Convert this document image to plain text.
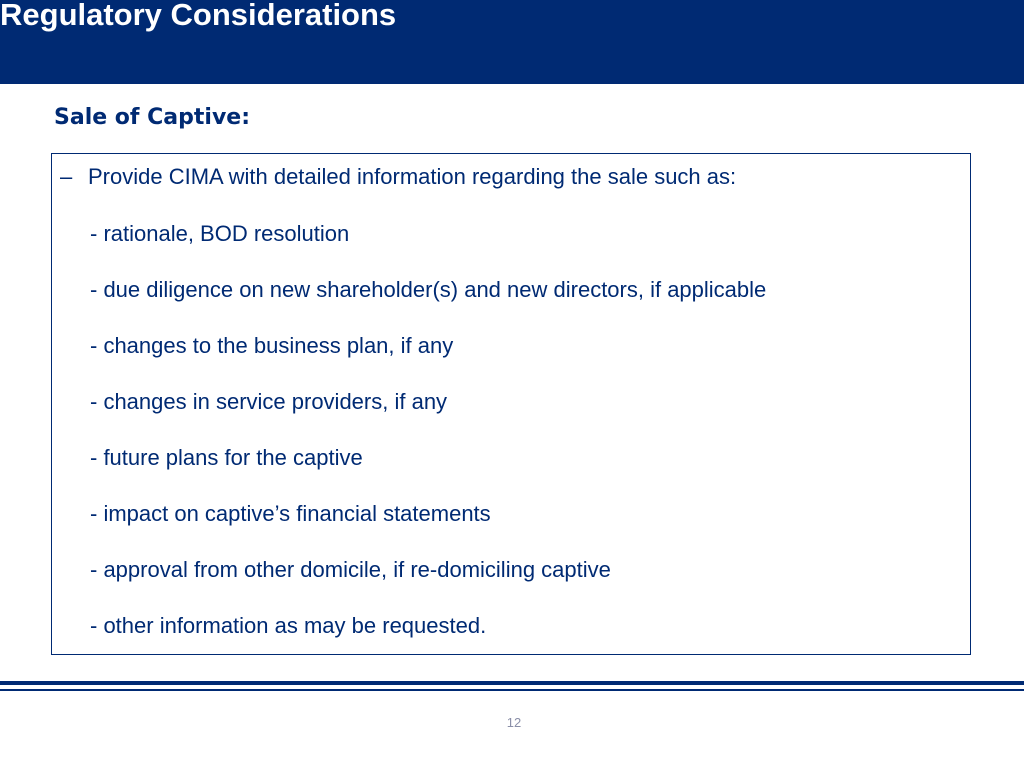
Regulatory Considerations
Sale of Captive:

– Provide CIMA with detailed information regarding the sale such as:

- rationale, BOD resolution
- due diligence on new shareholder(s) and new directors, if applicable
- changes to the business plan, if any
- changes in service providers, if any
- future plans for the captive
- impact on captive’s financial statements
- approval from other domicile, if re-domiciling captive
- other information as may be requested.
12
